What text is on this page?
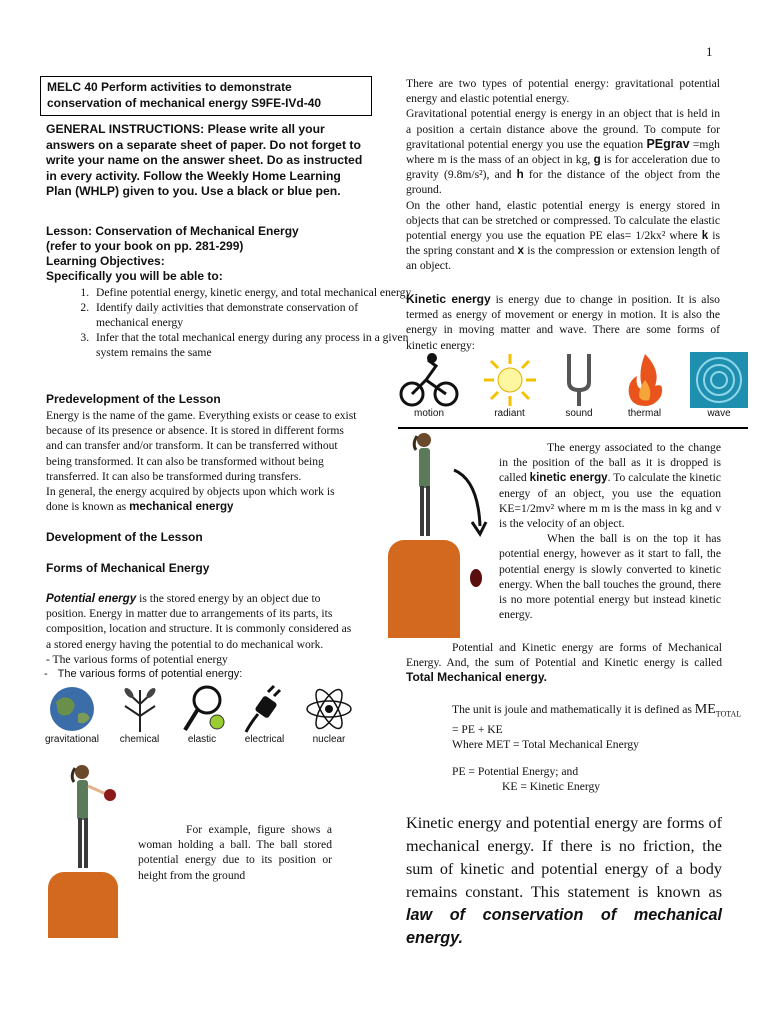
1
MELC 40 Perform activities to demonstrate conservation of mechanical energy S9FE-IVd-40
GENERAL INSTRUCTIONS: Please write all your answers on a separate sheet of paper. Do not forget to write your name on the answer sheet. Do as instructed in every activity. Follow the Weekly Home Learning Plan (WHLP) given to you. Use a black or blue pen.
Lesson: Conservation of Mechanical Energy
(refer to your book on pp. 281-299)
Learning Objectives:
Specifically you will be able to:
1. Define potential energy, kinetic energy, and total mechanical energy
2. Identify daily activities that demonstrate conservation of mechanical energy
3. Infer that the total mechanical energy during any process in a given system remains the same
Predevelopment of the Lesson
Energy is the name of the game. Everything exists or cease to exist because of its presence or absence. It is stored in different forms and can transfer and/or transform. It can be transferred without being transformed. It can also be transformed without being transferred. It can also be transformed during transfers.
In general, the energy acquired by objects upon which work is done is known as mechanical energy
Development of the Lesson
Forms of Mechanical Energy
Potential energy is the stored energy by an object due to position. Energy in matter due to arrangements of its parts, its composition, location and structure. It is commonly considered as a stored energy having the potential to do mechanical work.
- The various forms of potential energy
- The various forms of potential energy:
gravitational chemical	elastic	electrical	nuclear
For example, figure shows a woman holding a ball. The ball stored potential energy due to its position or height from the ground
There are two types of potential energy: gravitational potential energy and elastic potential energy.
Gravitational potential energy is energy in an object that is held in a position a certain distance above the ground. To compute for gravitational potential energy you use the equation PEgrav =mgh where m is the mass of an object in kg, g is for acceleration due to gravity (9.8m/s²), and h for the distance of the object from the ground.
On the other hand, elastic potential energy is energy stored in objects that can be stretched or compressed. To calculate the elastic potential energy you use the equation PE elas= 1/2kx² where k is the spring constant and x is the compression or extension length of an object.
Kinetic energy is energy due to change in position. It is also termed as energy of movement or energy in motion. It is also the energy in moving matter and wave. There are some forms of kinetic energy:
motion	radiant	sound	thermal	wave
The energy associated to the change in the position of the ball as it is dropped is called kinetic energy. To calculate the kinetic energy of an object, you use the equation KE=1/2mv² where m m is the mass in kg and v is the velocity of an object.
When the ball is on the top it has potential energy, however as it start to fall, the potential energy is slowly converted to kinetic energy. When the ball touches the ground, there is no more potential energy but instead kinetic energy.
Potential and Kinetic energy are forms of Mechanical Energy. And, the sum of Potential and Kinetic energy is called Total Mechanical energy.
The unit is joule and mathematically it is defined as $ME_{TOTAL}$
= PE + KE
Where MET = Total Mechanical Energy
PE = Potential Energy; and
KE = Kinetic Energy
Kinetic energy and potential energy are forms of mechanical energy. If there is no friction, the sum of kinetic and potential energy of a body remains constant. This statement is known as law of conservation of mechanical energy.
